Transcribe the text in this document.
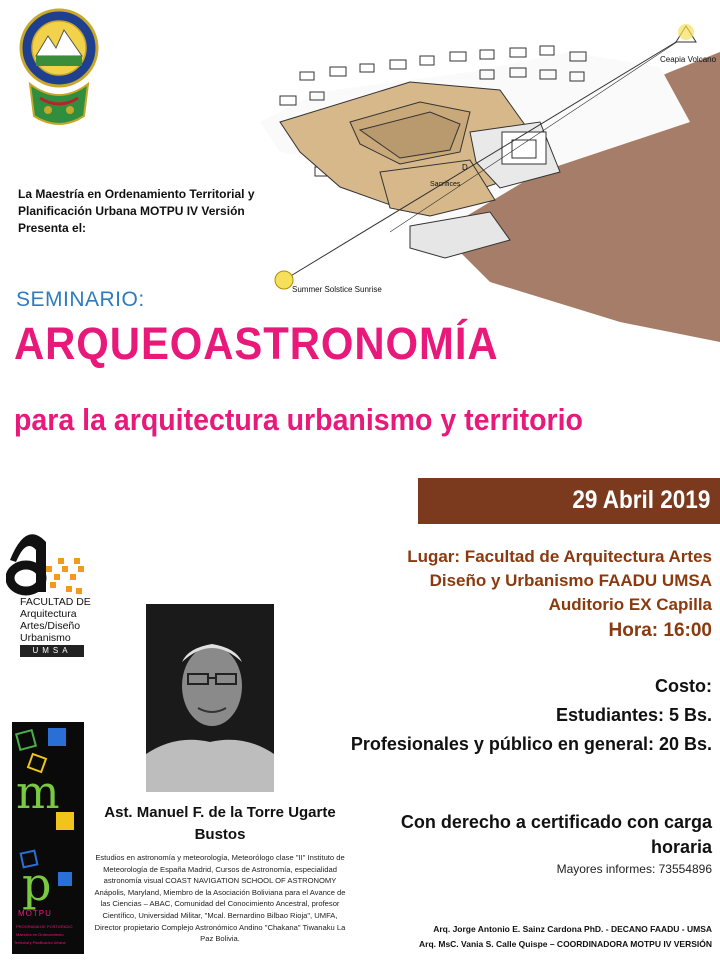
Ceapia Volcano
Summer Solstice Sunrise
Sacrifices
D
La Maestría en Ordenamiento Territorial y
Planificación Urbana MOTPU IV Versión
Presenta el:
SEMINARIO:
ARQUEOASTRONOMÍA
para la arquitectura urbanismo y territorio
29 Abril 2019
Lugar: Facultad de Arquitectura Artes
Diseño y Urbanismo FAADU UMSA
Auditorio EX Capilla
Hora: 16:00
Costo:
Estudiantes: 5 Bs.
Profesionales y público en general: 20 Bs.
Con derecho a certificado con carga
horaria
Mayores informes: 73554896
Arq. Jorge Antonio E. Sainz Cardona PhD. - DECANO FAADU - UMSA
Arq. MsC. Vania S. Calle Quispe – COORDINADORA MOTPU IV VERSIÓN
FACULTAD DE
Arquitectura
Artes/Diseño
Urbanismo
UMSA
m
p
MOTPU
PROGRAMA DE POSTGRADO
Maestría en Ordenamiento
Territorial y Planificación Urbana
Ast. Manuel F. de la Torre Ugarte
Bustos
Estudios en astronomía y meteorología, Meteorólogo clase "II" Instituto de Meteorología de España Madrid, Cursos de Astronomía, especialidad astronomía visual COAST NAVIGATION SCHOOL OF ASTRONOMY Anápolis, Maryland, Miembro de la Asociación Boliviana para el Avance de las Ciencias – ABAC, Comunidad del Conocimiento Ancestral, profesor Científico, Universidad Militar, "Mcal. Bernardino Bilbao Rioja", UMFA, Director propietario Complejo Astronómico Andino "Chakana" Tiwanaku La Paz Bolivia.
